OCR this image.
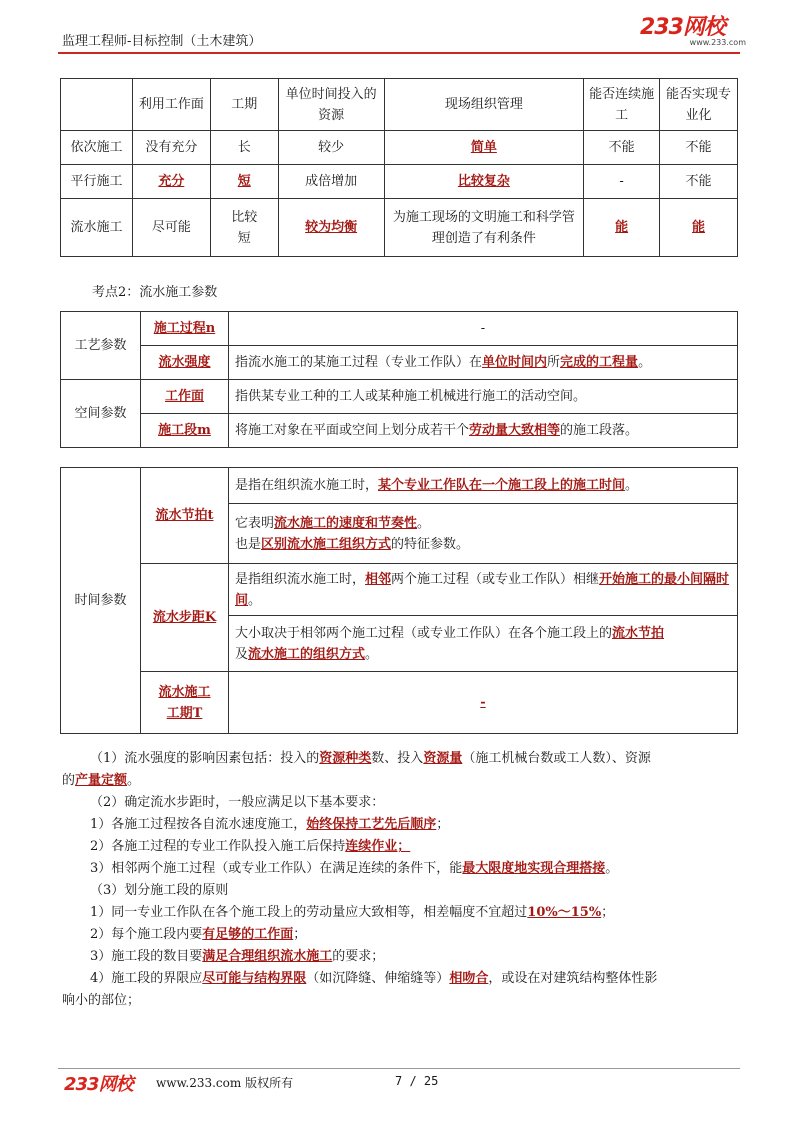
监理工程师-目标控制（土木建筑）
233网校
www.233.com
	利用工作面	工期	单位时间投入的资源	现场组织管理	能否连续施工	能否实现专业化
依次施工	没有充分	长	较少	简单	不能	不能
平行施工	充分	短	成倍增加	比较复杂	-	不能
流水施工	尽可能	比较短	较为均衡	为施工现场的文明施工和科学管理创造了有利条件	能	能
考点2：流水施工参数
工艺参数	施工过程n	-
	流水强度	指流水施工的某施工过程（专业工作队）在单位时间内所完成的工程量。
空间参数	工作面	指供某专业工种的工人或某种施工机械进行施工的活动空间。
	施工段m	将施工对象在平面或空间上划分成若干个劳动量大致相等的施工段落。
时间参数	流水节拍t	是指在组织流水施工时，某个专业工作队在一个施工段上的施工时间。

		它表明流水施工的速度和节奏性。
也是区别流水施工组织方式的特征参数。

	流水步距K	是指组织流水施工时，相邻两个施工过程（或专业工作队）相继开始施工的最小间隔时间。
		大小取决于相邻两个施工过程（或专业工作队）在各个施工段上的流水节拍
及流水施工的组织方式。
	流水施工工期T	-

（1）流水强度的影响因素包括：投入的资源种类数、投入资源量（施工机械台数或工人数）、资源

的产量定额。

（2）确定流水步距时，一般应满足以下基本要求：

1）各施工过程按各自流水速度施工，始终保持工艺先后顺序；

2）各施工过程的专业工作队投入施工后保持连续作业；

3）相邻两个施工过程（或专业工作队）在满足连续的条件下，能最大限度地实现合理搭接。

（3）划分施工段的原则

1）同一专业工作队在各个施工段上的劳动量应大致相等，相差幅度不宜超过10%～15%；

2）每个施工段内要有足够的工作面；

3）施工段的数目要满足合理组织流水施工的要求；

4）施工段的界限应尽可能与结构界限（如沉降缝、伸缩缝等）相吻合，或设在对建筑结构整体性影

响小的部位；

233网校 www.233.com 版权所有	7 / 25
